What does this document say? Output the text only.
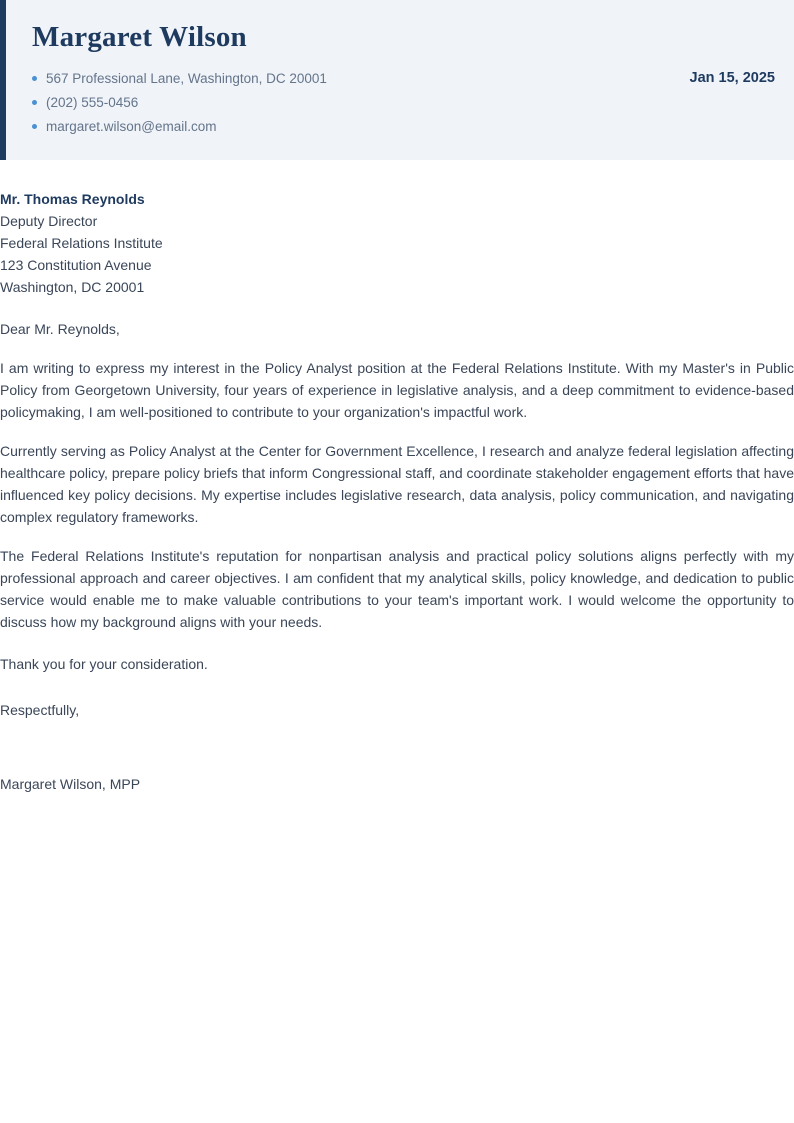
Margaret Wilson
567 Professional Lane, Washington, DC 20001
(202) 555-0456
margaret.wilson@email.com
Jan 15, 2025

Mr. Thomas Reynolds

Deputy Director

Federal Relations Institute

123 Constitution Avenue

Washington, DC 20001

Dear Mr. Reynolds,

I am writing to express my interest in the Policy Analyst position at the Federal Relations Institute. With my Master's in Public Policy from Georgetown University, four years of experience in legislative analysis, and a deep commitment to evidence-based policymaking, I am well-positioned to contribute to your organization's impactful work.

Currently serving as Policy Analyst at the Center for Government Excellence, I research and analyze federal legislation affecting healthcare policy, prepare policy briefs that inform Congressional staff, and coordinate stakeholder engagement efforts that have influenced key policy decisions. My expertise includes legislative research, data analysis, policy communication, and navigating complex regulatory frameworks.

The Federal Relations Institute's reputation for nonpartisan analysis and practical policy solutions aligns perfectly with my professional approach and career objectives. I am confident that my analytical skills, policy knowledge, and dedication to public service would enable me to make valuable contributions to your team's important work. I would welcome the opportunity to discuss how my background aligns with your needs.

Thank you for your consideration.

Respectfully,

Margaret Wilson, MPP
